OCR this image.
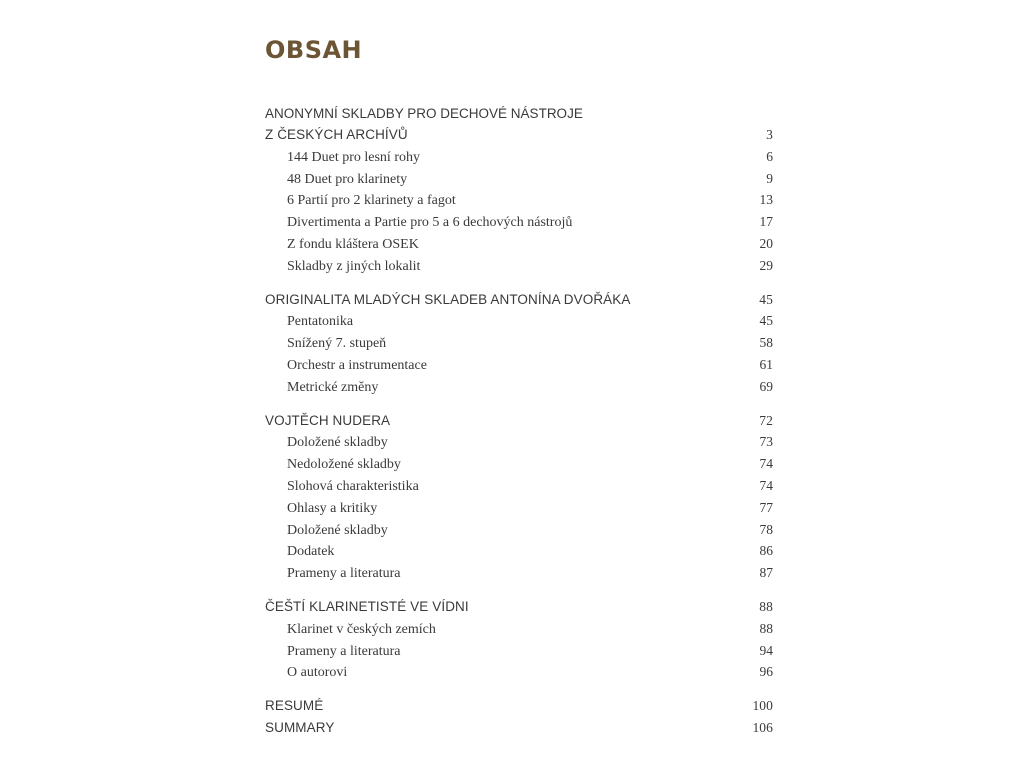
OBSAH
ANONYMNÍ SKLADBY PRO DECHOVÉ NÁSTROJE
Z ČESKÝCH ARCHÍVŮ	3
144 Duet pro lesní rohy	6
48 Duet pro klarinety	9
6 Partií pro 2 klarinety a fagot	13
Divertimenta a Partie pro 5 a 6 dechových nástrojů	17
Z fondu kláštera OSEK	20
Skladby z jiných lokalit	29
ORIGINALITA MLADÝCH SKLADEB ANTONÍNA DVOŘÁKA	45
Pentatonika	45
Snížený 7. stupeň	58
Orchestr a instrumentace	61
Metrické změny	69
VOJTĚCH NUDERA	72
Doložené skladby	73
Nedoložené skladby	74
Slohová charakteristika	74
Ohlasy a kritiky	77
Doložené skladby	78
Dodatek	86
Prameny a literatura	87
ČEŠTÍ KLARINETISTÉ VE VÍDNI	88
Klarinet v českých zemích	88
Prameny a literatura	94
O autorovi	96
RESUMÉ	100
SUMMARY	106
